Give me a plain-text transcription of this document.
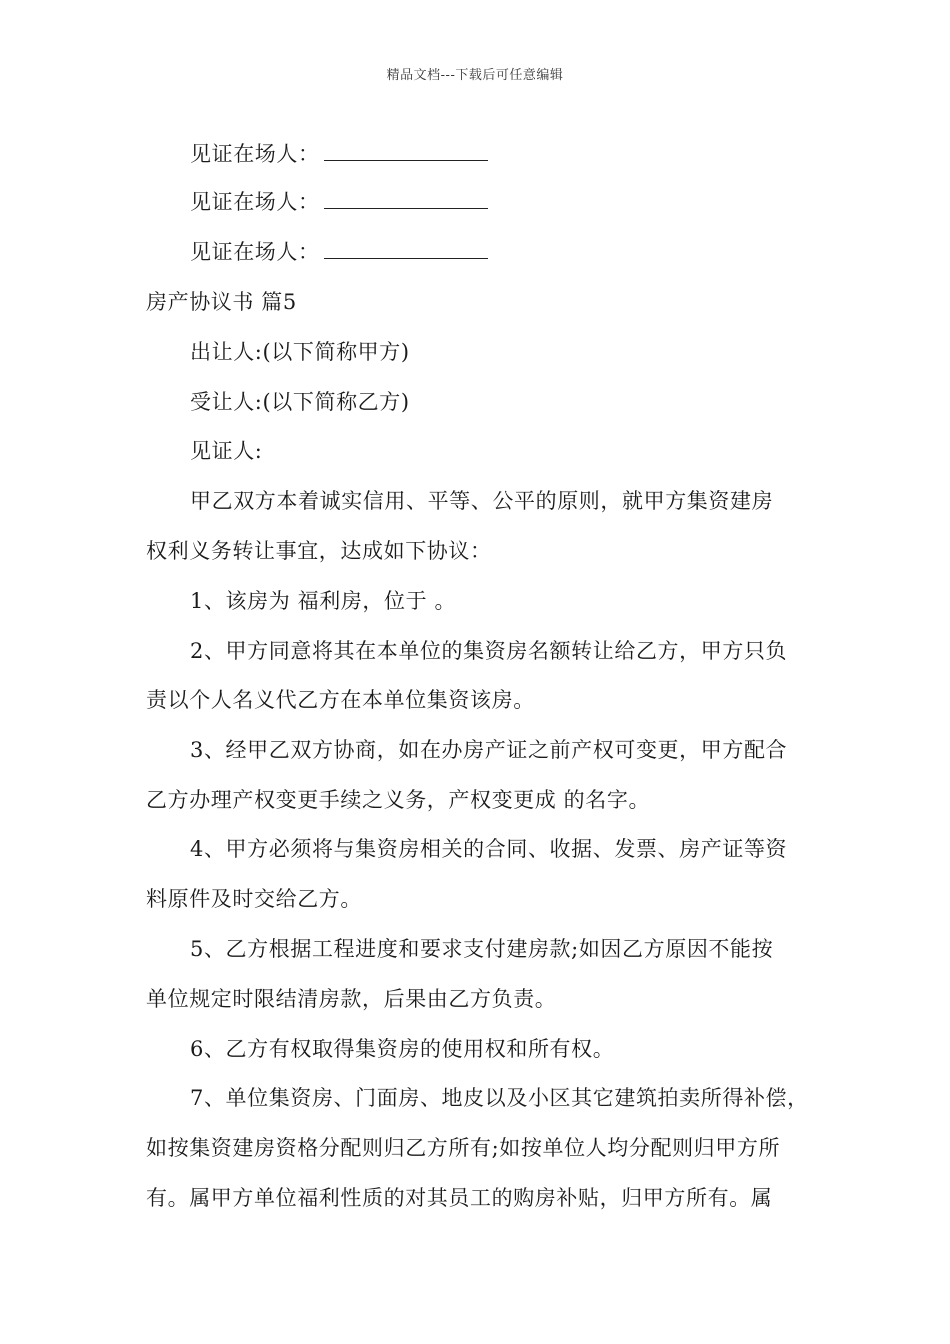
精品文档---下载后可任意编辑
见证在场人：
见证在场人：
见证在场人：
房产协议书 篇5
出让人:(以下简称甲方)
受让人:(以下简称乙方)
见证人:
甲乙双方本着诚实信用、平等、公平的原则，就甲方集资建房
权利义务转让事宜，达成如下协议：
1、该房为 福利房，位于 。
2、甲方同意将其在本单位的集资房名额转让给乙方，甲方只负
责以个人名义代乙方在本单位集资该房。
3、经甲乙双方协商，如在办房产证之前产权可变更，甲方配合
乙方办理产权变更手续之义务，产权变更成 的名字。
4、甲方必须将与集资房相关的合同、收据、发票、房产证等资
料原件及时交给乙方。
5、乙方根据工程进度和要求支付建房款;如因乙方原因不能按
单位规定时限结清房款，后果由乙方负责。
6、乙方有权取得集资房的使用权和所有权。
7、单位集资房、门面房、地皮以及小区其它建筑拍卖所得补偿，
如按集资建房资格分配则归乙方所有;如按单位人均分配则归甲方所
有。属甲方单位福利性质的对其员工的购房补贴，归甲方所有。属
